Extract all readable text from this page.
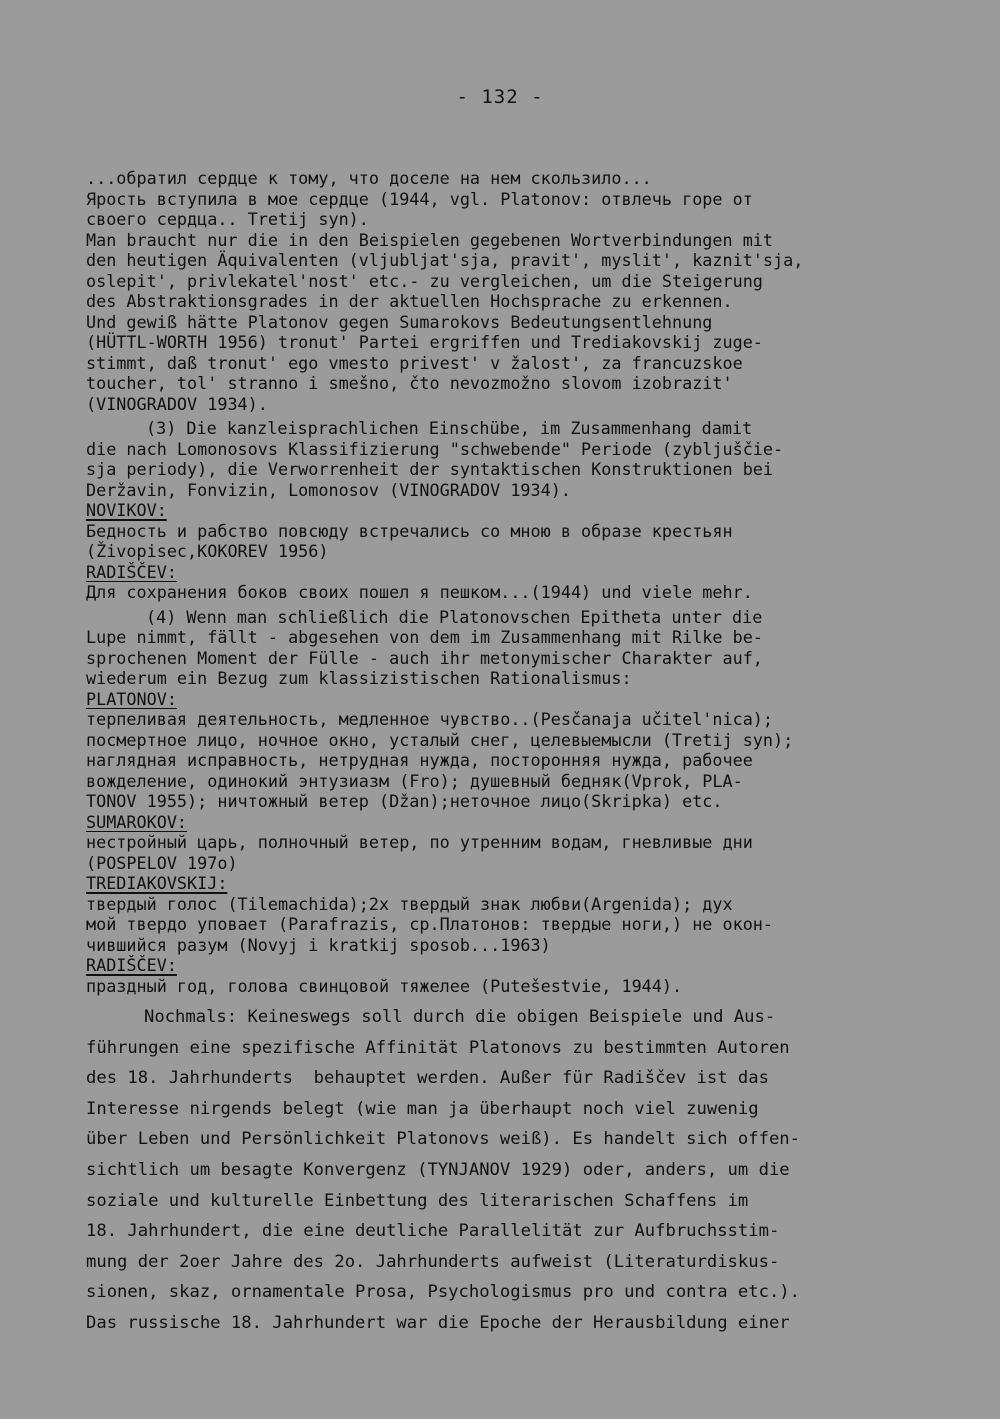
- 132 -
...обратил сердце к тому, что доселе на нем скользило...
Ярость вступила в мое сердце (1944, vgl. Platonov: отвлечь горе от
своего сердца.. Tretij syn).
Man braucht nur die in den Beispielen gegebenen Wortverbindungen mit
den heutigen Äquivalenten (vljubljat'sja, pravit', myslit', kaznit'sja,
oslepit', privlekatel'nost' etc.- zu vergleichen, um die Steigerung
des Abstraktionsgrades in der aktuellen Hochsprache zu erkennen.
Und gewiß hätte Platonov gegen Sumarokovs Bedeutungsentlehnung
(HÜTTL-WORTH 1956) tronut' Partei ergriffen und Trediakovskij zuge-
stimmt, daß tronut' ego vmesto privest' v žalost', za francuzskoe
toucher, tol' stranno i smešno, čto nevozmožno slovom izobrazit'
(VINOGRADOV 1934).
(3) Die kanzleisprachlichen Einschübe, im Zusammenhang damit
die nach Lomonosovs Klassifizierung "schwebende" Periode (zybljuščie-
sja periody), die Verworrenheit der syntaktischen Konstruktionen bei
Deržavin, Fonvizin, Lomonosov (VINOGRADOV 1934).
NOVIKOV:
Бедность и рабство повсюду встречались со мною в образе крестьян
(Živopisec,KOKOREV 1956)
RADIŠČEV:
Для сохранения боков своих пошел я пешком...(1944) und viele mehr.
(4) Wenn man schließlich die Platonovschen Epitheta unter die
Lupe nimmt, fällt - abgesehen von dem im Zusammenhang mit Rilke be-
sprochenen Moment der Fülle - auch ihr metonymischer Charakter auf,
wiederum ein Bezug zum klassizistischen Rationalismus:
PLATONOV:
терпеливая деятельность, медленное чувство..(Pesčanaja učitel'nica);
посмертное лицо, ночное окно, усталый снег, целевыемысли (Tretij syn);
наглядная исправность, нетрудная нужда, посторонняя нужда, рабочее
вожделение, одинокий энтузиазм (Fro); душевный бедняк(Vprok, PLA-
TONOV 1955); ничтожный ветер (Džan);неточное лицо(Skripka) etc.
SUMAROKOV:
нестройный царь, полночный ветер, по утренним водам, гневливые дни
(POSPELOV 197o)
TREDIAKOVSKIJ:
твердый голос (Tilemachida);2x твердый знак любви(Argenida); дух
мой твердо уповает (Parafrazis, ср.Платонов: твердые ноги,) не окон-
чившийся разум (Novyj i kratkij sposob...1963)
RADIŠČEV:
праздный год, голова свинцовой тяжелее (Putešestvie, 1944).
Nochmals: Keineswegs soll durch die obigen Beispiele und Aus-
führungen eine spezifische Affinität Platonovs zu bestimmten Autoren
des 18. Jahrhunderts  behauptet werden. Außer für Radiščev ist das
Interesse nirgends belegt (wie man ja überhaupt noch viel zuwenig
über Leben und Persönlichkeit Platonovs weiß). Es handelt sich offen-
sichtlich um besagte Konvergenz (TYNJANOV 1929) oder, anders, um die
soziale und kulturelle Einbettung des literarischen Schaffens im
18. Jahrhundert, die eine deutliche Parallelität zur Aufbruchsstim-
mung der 2oer Jahre des 2o. Jahrhunderts aufweist (Literaturdiskus-
sionen, skaz, ornamentale Prosa, Psychologismus pro und contra etc.).
Das russische 18. Jahrhundert war die Epoche der Herausbildung einer
